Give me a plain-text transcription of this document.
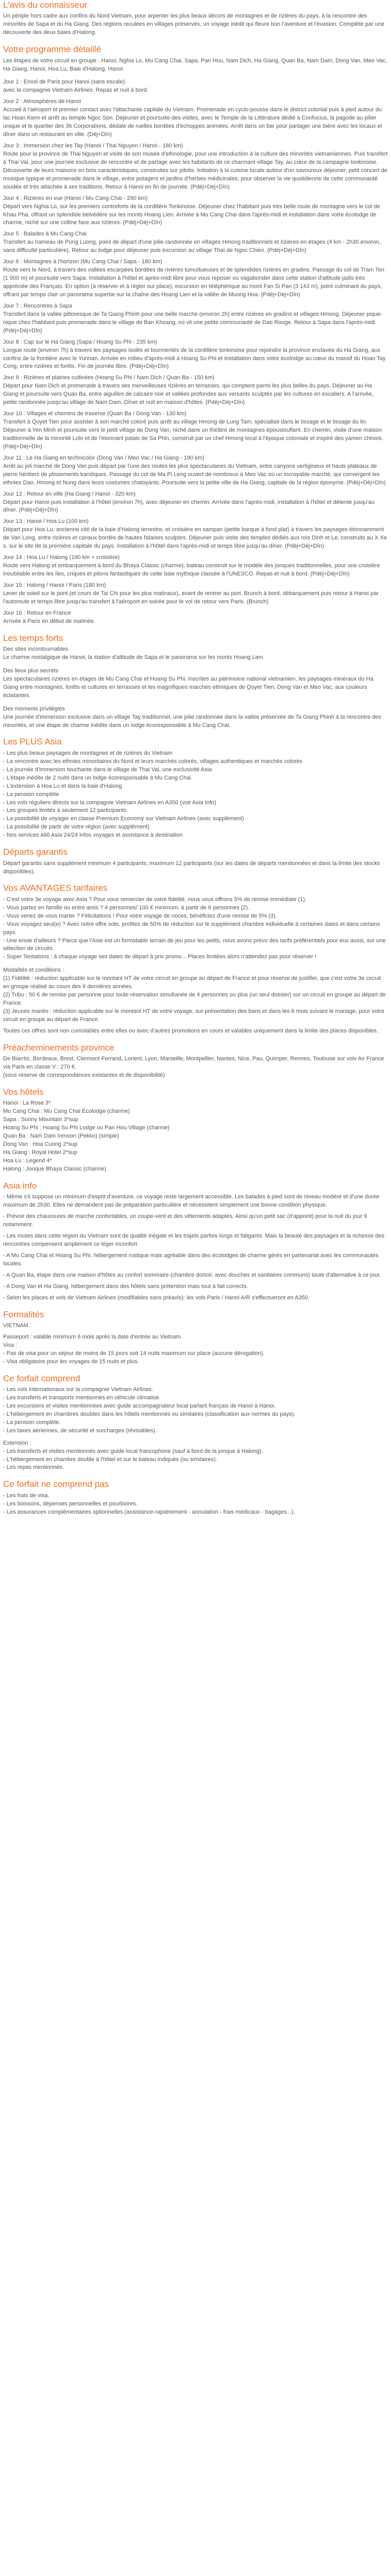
L'avis du connaisseur

Un périple hors cadre aux confins du Nord Vietnam, pour arpenter les plus beaux décors de montagnes et de rizières du pays, à la rencontre des minorités de Sapa et du Ha Giang. Des régions reculées en villages préservés, un voyage inédit qui fleure bon l'aventure et l'évasion. Complété par une découverte des deux baies d'Halong.

Votre programme détaillé

Les étapes de votre circuit en groupe : Hanoi, Nghia Lo, Mu Cang Chai, Sapa, Pan Hou, Nam Dich, Ha Giang, Quan Ba, Nam Dam, Dong Van, Meo Vac, Ha Giang, Hanoi, Hoa Lu, Baie d'Halong, Hanoi

Jour 1 : Envol de Paris pour Hanoi (sans escale)
avec la compagnie Vietnam Airlines. Repas et nuit à bord.

Jour 2 : Atmosphères de Hanoi
Accueil à l'aéroport et premier contact avec l'attachante capitale du Vietnam. Promenade en cyclo-pousse dans le district colonial puis à pied autour du lac Hoan Kiem et arrêt au temple Ngoc Son. Déjeuner et poursuite des visites, avec le Temple de la Littérature dédié à Confucius, la pagode au pilier unique et le quartier des 36 Corporations, dédale de ruelles bordées d'échoppes animées. Arrêt dans un bar pour partager une bière avec les locaux et dîner dans un restaurant en ville. (Déj+Dîn)

Jour 3 : Immersion chez les Tay (Hanoi / Thai Nguyen / Hanoi - 180 km)
Route pour la province de Thai Nguyen et visite de son musée d'ethnologie, pour une introduction à la culture des minorités vietnamiennes. Puis transfert à Thai Vai, pour une journée exclusive de rencontre et de partage avec les habitants de ce charmant village Tay, au cœur de la campagne tonkinoise. Découverte de leurs maisons en bois caractéristiques, construites sur pilotis. Initiation à la cuisine locale autour d'un savoureux déjeuner, petit concert de musique typique et promenade dans le village, entre potagers et jardins d'herbes médicinales, pour observer la vie quotidienne de cette communauté soudée et très attachée à ses traditions. Retour à Hanoi en fin de journée. (Pdéj+Déj+Dîn)

Jour 4 : Rizières en vue (Hanoi / Mu Cang Chai - 290 km)
Départ vers Nghia Lo, sur les premiers contreforts de la cordillère Tonkinoise. Déjeuner chez l'habitant puis très belle route de montagne vers le col de Khau Pha, offrant un splendide belvédère sur les monts Hoang Lien. Arrivée à Mu Cang Chai dans l'après-midi et installation dans votre écolodge de charme, niché sur une colline face aux rizières. (Pdéj+Déj+Dîn)

Jour 5 : Balades à Mu Cang Chai
Transfert au hameau de Pung Luong, point de départ d'une jolie randonnée en villages Hmong traditionnels et rizières en étages (4 km - 2h30 environ, sans difficulté particulière). Retour au lodge pour déjeuner puis excursion au village Thaï de Ngoc Chien. (Pdéj+Déj+Dîn)

Jour 6 : Montagnes à l'horizon (Mu Cang Chai / Sapa - 180 km)
Route vers le Nord, à travers des vallées escarpées bordées de rivières tumultueuses et de splendides rizières en gradins. Passage du col de Tram Ton (1 900 m) et poursuite vers Sapa. Installation à l'hôtel et après-midi libre pour vous reposer ou vagabonder dans cette station d'altitude jadis très appréciée des Français. En option (à réserver et à régler sur place), excursion en téléphérique au mont Fan Si Pan (3 143 m), point culminant du pays, offrant par temps clair un panorama superbe sur la chaîne des Hoang Lien et la vallée de Muong Hoa. (Pdéj+Déj+Dîn)

Jour 7 : Rencontres à Sapa
Transfert dans la vallée pittoresque de Ta Giang Phinh pour une belle marche (environ 2h) entre rizières en gradins et villages Hmong. Déjeuner pique-nique chez l'habitant puis promenade dans le village de Ban Khoang, où vit une petite communauté de Dao Rouge. Retour à Sapa dans l'après-midi. (Pdéj+Déj+Dîn)

Jour 8 : Cap sur le Ha Giang (Sapa / Hoang Su Phi - 235 km)
Longue route (environ 7h) à travers les paysages isolés et tourmentés de la cordillère tonkinoise pour rejoindre la province enclavée du Ha Giang, aux confins de la frontière avec le Yunnan. Arrivée en milieu d'après-midi à Hoang Su Phi et installation dans votre écolodge au cœur du massif du Hoan Tay Cong, entre rizières et forêts. Fin de journée libre. (Pdéj+Déj+Dîn)

Jour 9 : Rizières et plaines cultivées (Hoang Su Phi / Nam Dich / Quan Ba - 150 km)
Départ pour Nam Dich et promenade à travers ses merveilleuses rizières en terrasses, qui comptent parmi les plus belles du pays. Déjeuner au Ha Giang et poursuite vers Quan Ba, entre aiguilles de calcaire noir et vallées profondes aux versants sculptés par les cultures en escaliers. A l'arrivée, petite randonnée jusqu'au village de Nam Dam. Dîner et nuit en maison d'hôtes. (Pdéj+Déj+Dîn)

Jour 10 : Villages et chemins de traverse (Quan Ba / Dong Van - 130 km)
Transfert à Quyet Tien pour assister à son marché coloré puis arrêt au village Hmong de Lung Tam, spécialisé dans le tissage et le tissage du lin. Déjeuner à Yen Minh et poursuite vers le petit village de Dong Van, niché dans un théâtre de montagnes époustouflant. En chemin, visite d'une maison traditionnelle de la minorité Lolo et de l'étonnant palais de Sa Phin, construit par un chef Hmong local à l'époque coloniale et inspiré des yamen chinois. (Pdéj+Déj+Dîn)

Jour 11 : Le Ha Giang en technicolor (Dong Van / Meo Vac / Ha Giang - 190 km)
Arrêt au joli marché de Dong Van puis départ par l'une des routes les plus spectaculaires du Vietnam, entre canyons vertigineux et hauts plateaux de pierre héritiers de plissements karstiques. Passage du col de Ma Pi Leng ouvert de nombreux à Meo Vac où un incroyable marché, qui convergent les ethnies Dao, Hmong et Nung dans leurs costumes chatoyants. Poursuite vers la petite ville de Ha Giang, capitale de la région éponyme. (Pdéj+Déj+Dîn)

Jour 12 : Retour en ville (Ha Giang / Hanoi - 320 km)
Départ pour Hanoi puis installation à l'hôtel (environ 7h), avec déjeuner en chemin. Arrivée dans l'après-midi, installation à l'hôtel et détente jusqu'au dîner. (Pdéj+Déj+Dîn)

Jour 13 : Hanoi / Hoa Lu (100 km)
Départ pour Hoa Lu, ancienne cité de la baie d'Halong terrestre, et croisière en sampan (petite barque à fond plat) à travers les paysages étonnamment de Van Long, entre rizières et canaux bordés de hautes falaises sculptes. Déjeuner puis visite des temples dédiés aux rois Dinh et Le, construits au X Xe s. sur le site de la première capitale du pays. Installation à l'hôtel dans l'après-midi et temps libre jusqu'au dîner. (Pdéj+Déj+Dîn)

Jour 14 : Hoa Lu / Halong (190 km + croisière)
Route vers Halong et embarquement à bord du Bhaya Classic (charme), bateau construit sur le modèle des jonques traditionnelles, pour une croisière inoubliable entre les îles, criques et pitons fantastiques de cette baie mythique classée à l'UNESCO. Repas et nuit à bord. (Pdéj+Déj+Dîn)

Jour 15 : Halong / Hanoi / Paris (180 km)
Lever de soleil sur le pont (et cours de Tai Chi pour les plus matinaux), avant de rentrer au port. Brunch à bord, débarquement puis retour à Hanoi par l'autoroute et temps libre jusqu'au transfert à l'aéroport en soirée pour le vol de retour vers Paris. (Brunch)

Jour 16 : Retour en France
Arrivée à Paris en début de matinée.

Les temps forts

Des sites incontournables
Le charme nostalgique de Hanoi, la station d'altitude de Sapa et le panorama sur les monts Hoang Lien.

Des lieux plus secrets
Les spectaculaires rizières en étages de Mu Cang Chai et Hoang Su Phi, inscrites au patrimoine national vietnamien, les paysages minéraux du Ha Giang entre montagnes, forêts et cultures en terrasses et les magnifiques marchés ethniques de Quyet Tien, Dong Van et Meo Vac, aux couleurs éclatantes.

Des moments privilégiés
Une journée d'immersion exclusive dans un village Tay traditionnel, une jolie randonnée dans la vallée préservée de Ta Giang Phinh à la rencontre des minorités, et une étape de charme inédite dans un lodge écoresponsable à Mu Cang Chai.

Les PLUS Asia

- Les plus beaux paysages de montagnes et de rizières du Vietnam

- La rencontre avec les ethnies minoritaires du Nord et leurs marchés colorés, villages authentiques et marchés colorés

- La journée d'immersion touchante dans le village de Thai Vai, une exclusivité Asia

- L'étape inédite de 2 nuits dans un lodge écoresponsable à Mu Cang Chai

- L'extension à Hoa Lu et dans la baie d'Halong

- La pension complète

- Les vols réguliers directs sur la compagnie Vietnam Airlines en A350 (voir Asia Info)

- Les groupes limités à seulement 12 participants

- La possibilité de voyager en classe Premium Economy sur Vietnam Airlines (avec supplément)

- La possibilité de partir de votre région (avec supplément)

- Nos services Allô Asia 24/24 infos voyages et assistance à destination

Départs garantis

Départ garantis sans supplément minimum 4 participants, maximum 12 participants (sur les dates de départs mentionnées et dans la limite des stocks disponibles).

Vos AVANTAGES tarifaires

- C'est votre 3e voyage avec Asia ? Pour vous remercier de votre fidélité, nous vous offrons 5% de remise immédiate (1).

- Vous partez en famille ou entre amis ? 4 personnes/ 100 € minimum, à partir de 6 personnes (2).

- Vous venez de vous marier ? Félicitations ! Pour votre voyage de noces, bénéficiez d'une remise de 5% (3).

- Vous voyagez seul(e) ? Avec notre offre solo, profitez de 50% de réduction sur le supplément chambre individuelle à certaines dates et dans certains pays.

- Une envie d'ailleurs ? Parce que l'Asie est un formidable terrain de jeu pour les petits, nous avons prévu des tarifs préférentiels pour eux aussi, sur une sélection de circuits.

- Super Tentations : à chaque voyage ses dates de départ à prix promo... Places limitées alors n'attendez pas pour réserver !

Modalités et conditions :
(1) Fidélité : réduction applicable sur le montant HT de votre circuit en groupe au départ de France et pour réserve de justifier, que c'est votre 3e circuit en groupe réalisé au cours des 6 dernières années.
(2) Tribu : 50 € de remise par personne pour toute réservation simultanée de 4 personnes ou plus (un seul dossier) sur un circuit en groupe au départ de France.
(3) Jeunes mariés : réduction applicable sur le montant HT de votre voyage, sur présentation des bans et dans les 6 mois suivant le mariage, pour votre circuit en groupe au départ de France.

Toutes ces offres sont non cumulables entre elles ou avec d'autres promotions en cours et valables uniquement dans la limite des places disponibles.

Préacheminements province

De Biarritz, Bordeaux, Brest, Clermont-Ferrand, Lorient, Lyon, Marseille, Montpellier, Nantes, Nice, Pau, Quimper, Rennes, Toulouse sur vols Air France via Paris en classe V : 270 €.
(sous réserve de correspondances existantes et de disponibilité)

Vos hôtels

Hanoi : La Rose 3*

Mu Cang Chai : Mu Cang Chai Ecolodge (charme)

Sapa : Sunny Mountain 3*sup

Hoang Su Phi : Hoang Su Phi Lodge ou Pan Hou Village (charme)

Quan Ba : Nam Dam Inmoon (Pekko) (simple)

Dong Van : Hoa Cuong 2*sup

Ha Giang : Royal Hotel 2*sup

Hoa Lu : Legend 4*

Halong : Jonque Bhaya Classic (charme)

Asia info

- Même s'il suppose un minimum d'esprit d'aventure, ce voyage reste largement accessible. Les balades à pied sont de niveau modéré et d'une durée maximum de 2h30. Elles ne demandent pas de préparation particulière et nécessitent simplement une bonne condition physique.

- Prévoir des chaussures de marche confortables, un coupe-vent et des vêtements adaptés. Ainsi qu'un petit sac (d'appoint) pour la nuit du jour 9 notamment.

- Les routes dans cette région du Vietnam sont de qualité inégale et les trajets parfois longs et fatigants. Mais la beauté des paysages et la richesse des rencontres compensent amplement ce léger inconfort.

- A Mu Cang Chai et Hoang Su Phi, hébergement rustique mais agréable dans des écolodges de charme gérés en partenariat avec les communautés locales.

- A Quan Ba, étape dans une maison d'hôtes au confort sommaire (chambre dortoir, avec douches et sanitaires communs) toute d'alternative à ce jour.

- A Dong Van et Ha Giang, hébergement dans des hôtels sans prétention mais tout à fait corrects.

- Selon les places et vols de Vietnam Airlines (modifiables sans préavis): les vols Paris / Hanoi A/R s'effectueront en A350.

Formalités

VIETNAM :

Passeport : valable minimum 6 mois après la date d'entrée au Vietnam.

Visa :

- Pas de visa pour un séjour de moins de 15 jours soit 14 nuits maximum sur place (aucune dérogation).

- Visa obligatoire pour les voyages de 15 nuits et plus.

Ce forfait comprend

- Les vols internationaux sur la compagnie Vietnam Airlines.

- Les transferts et transports mentionnés en véhicule climatisé.

- Les excursions et visites mentionnées avec guide accompagnateur local parlant français de Hanoi à Hanoi.

- L'hébergement en chambres doubles dans les hôtels mentionnés ou similaires (classification aux normes du pays).

- La pension complète.

- Les taxes aériennes, de sécurité et surcharges (révisables).

Extension :

- Les transferts et visites mentionnés avec guide local francophone (sauf à bord de la jonque à Halong).

- L'hébergement en chambre double à l'hôtel et sur le bateau indiqués (ou similaires).

- Les repas mentionnés.

Ce forfait ne comprend pas

- Les frais de visa.

- Les boissons, dépenses personnelles et pourboires.

- Les assurances complémentaires optionnelles (assistance-rapatriement - annulation - frais médicaux - bagages...).
